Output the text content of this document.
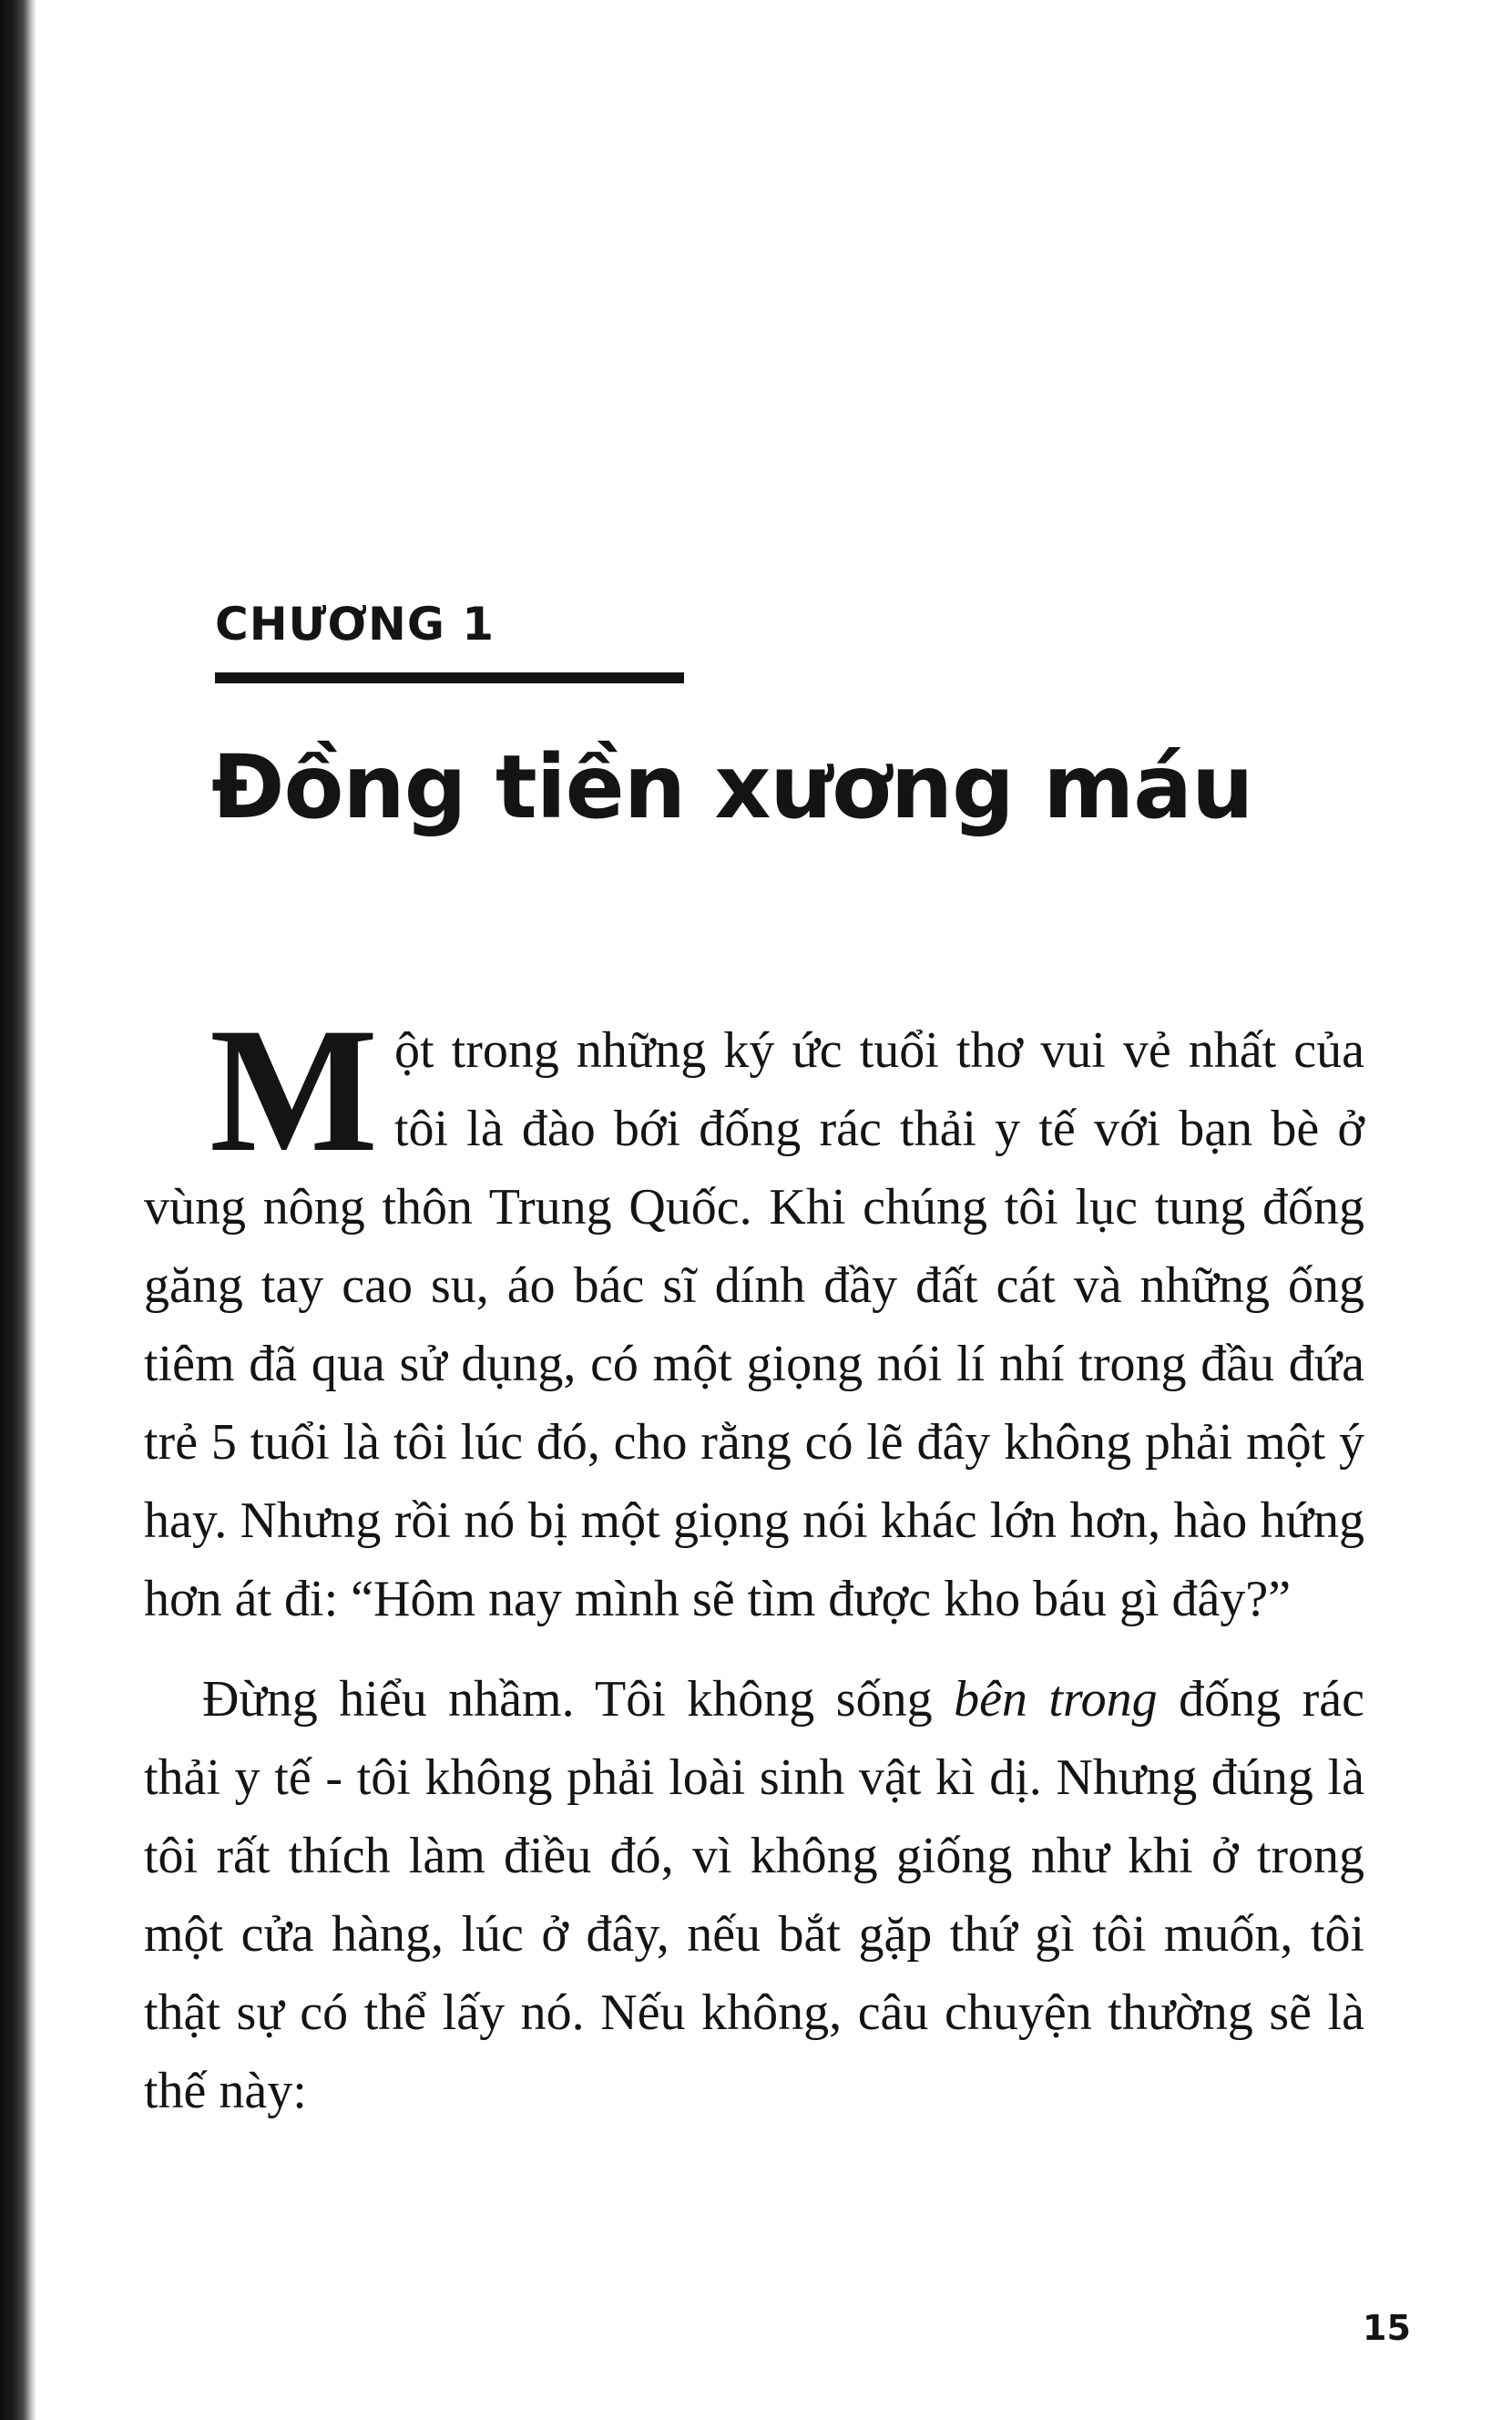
CHƯƠNG 1
Đồng tiền xương máu

Một trong những ký ức tuổi thơ vui vẻ nhất của tôi là đào bới đống rác thải y tế với bạn bè ở vùng nông thôn Trung Quốc. Khi chúng tôi lục tung đống găng tay cao su, áo bác sĩ dính đầy đất cát và những ống tiêm đã qua sử dụng, có một giọng nói lí nhí trong đầu đứa trẻ 5 tuổi là tôi lúc đó, cho rằng có lẽ đây không phải một ý hay. Nhưng rồi nó bị một giọng nói khác lớn hơn, hào hứng hơn át đi: “Hôm nay mình sẽ tìm được kho báu gì đây?”

Đừng hiểu nhầm. Tôi không sống bên trong đống rác thải y tế - tôi không phải loài sinh vật kì dị. Nhưng đúng là tôi rất thích làm điều đó, vì không giống như khi ở trong một cửa hàng, lúc ở đây, nếu bắt gặp thứ gì tôi muốn, tôi thật sự có thể lấy nó. Nếu không, câu chuyện thường sẽ là thế này:

15
